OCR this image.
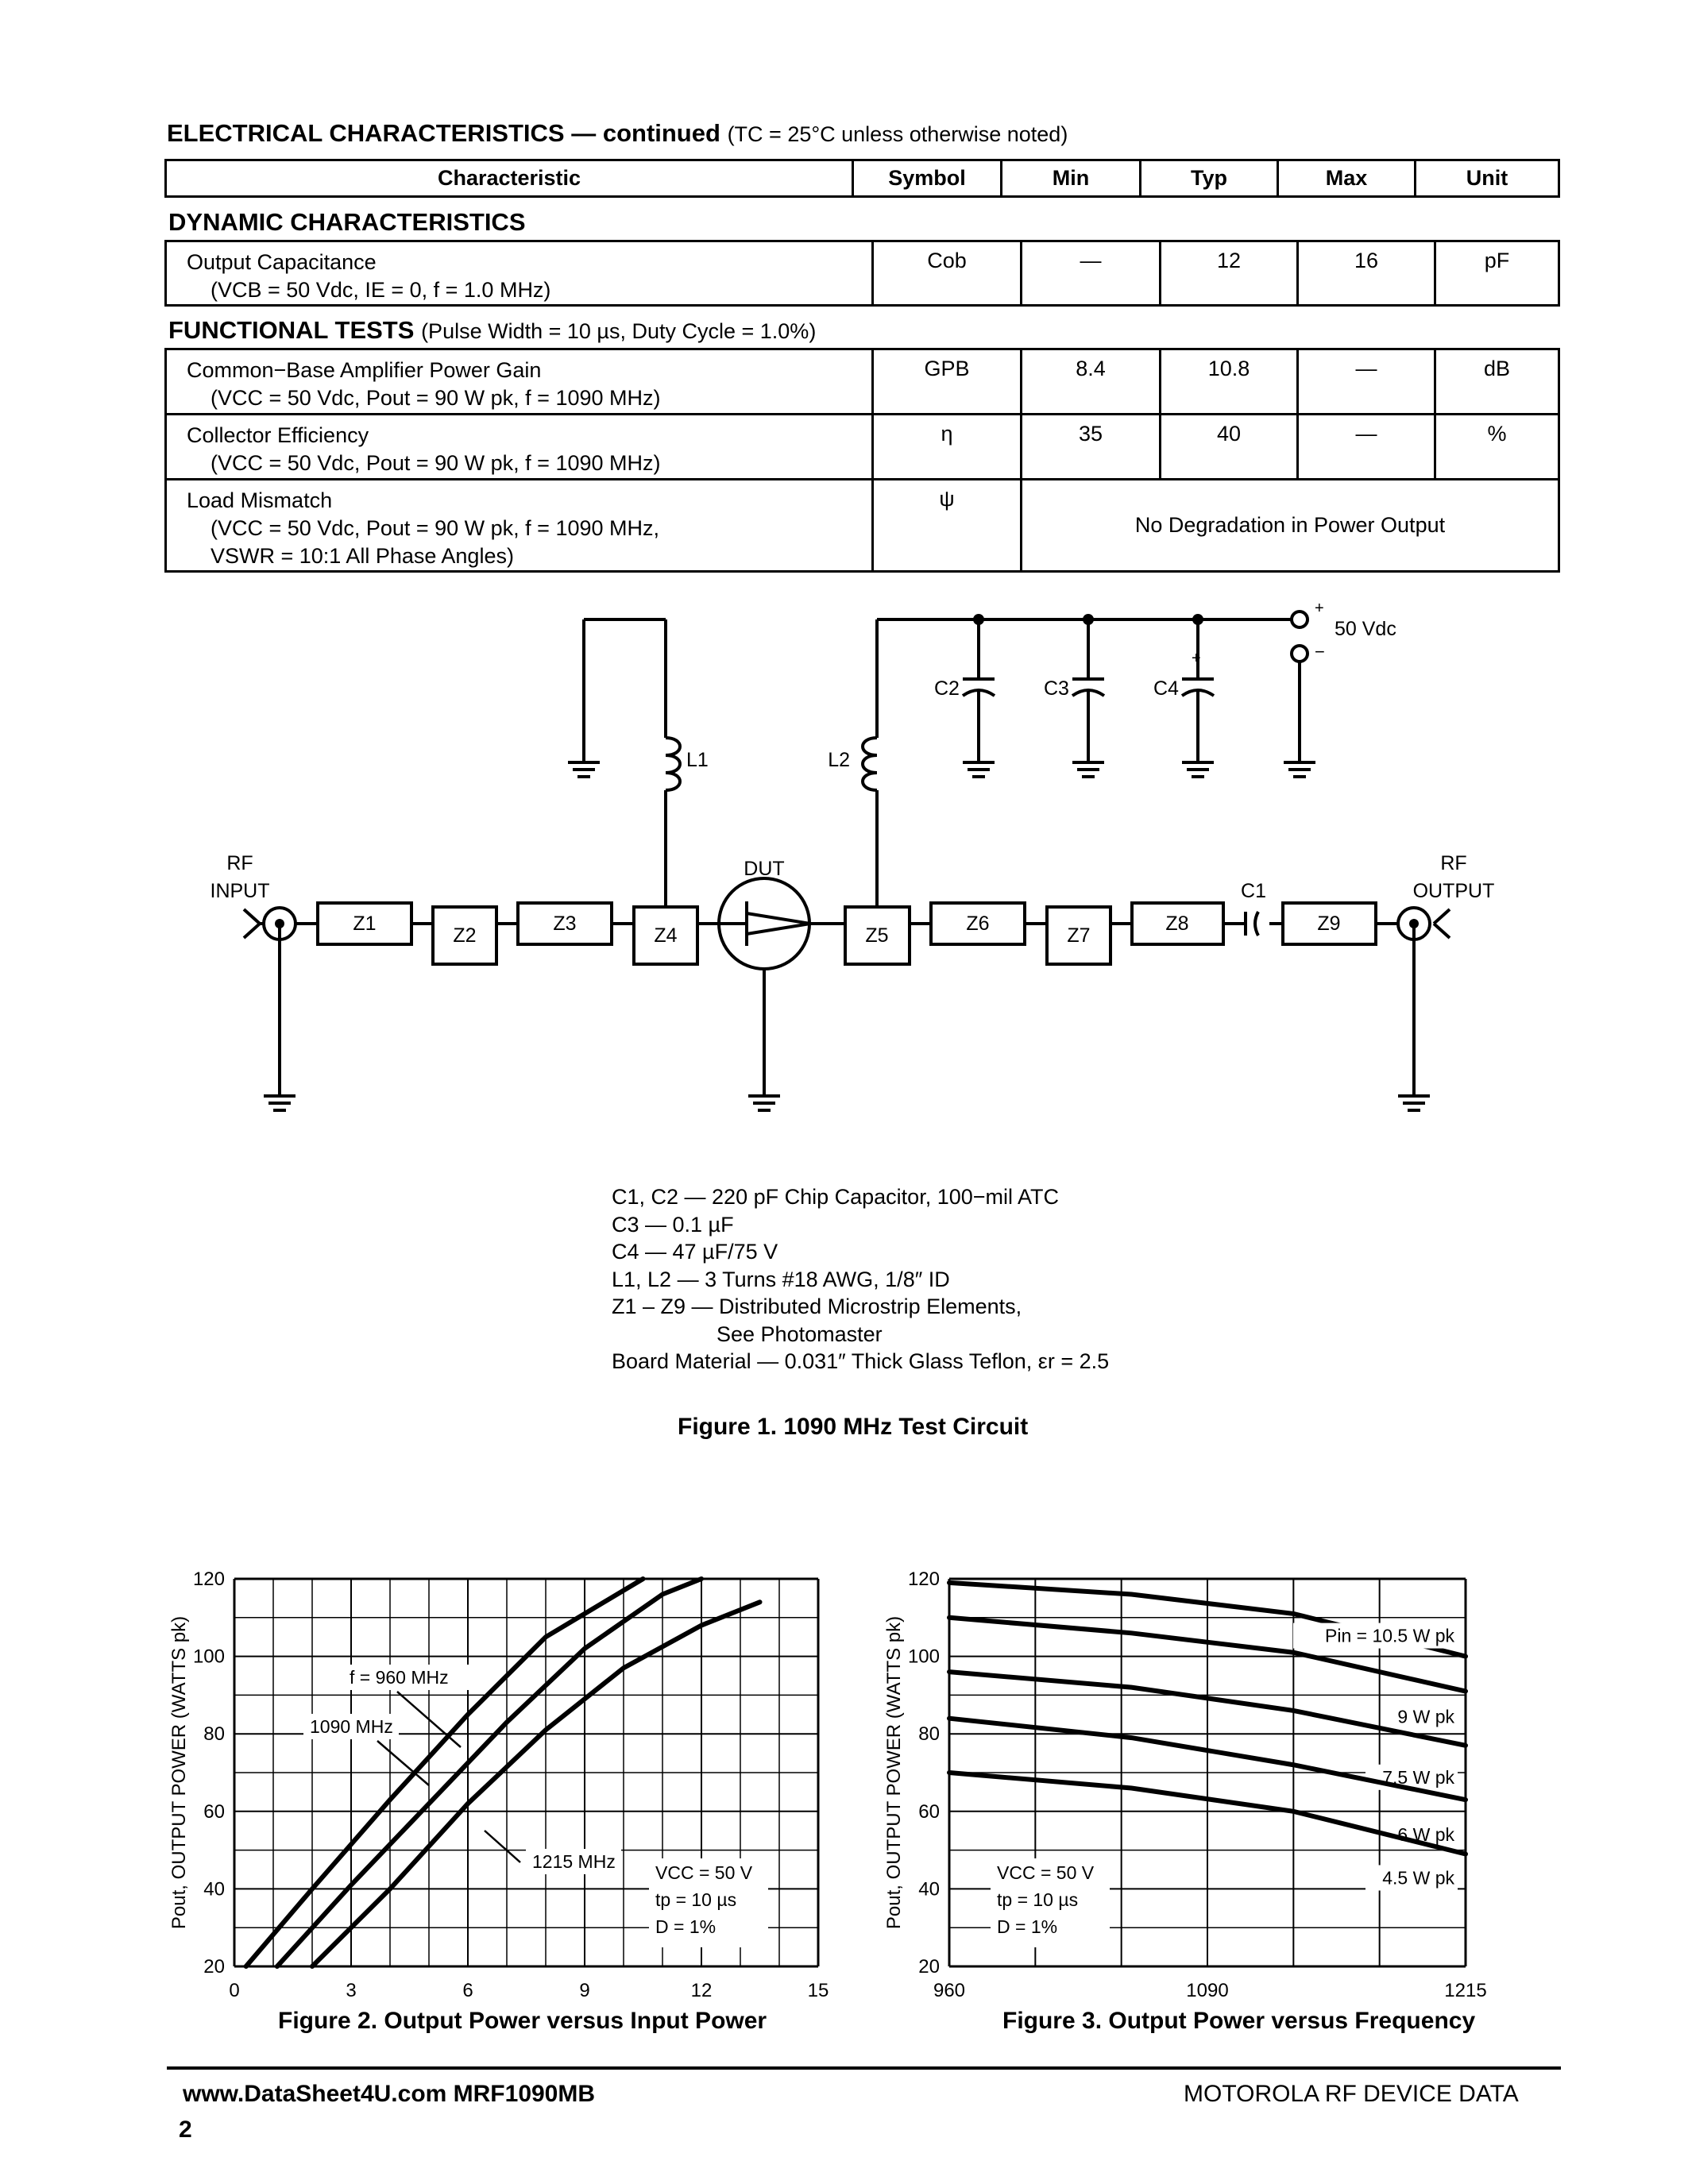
ELECTRICAL CHARACTERISTICS — continued (TC = 25°C unless otherwise noted)
Characteristic	Symbol	Min	Typ	Max	Unit
DYNAMIC CHARACTERISTICS
Output Capacitance
(VCB = 50 Vdc, IE = 0, f = 1.0 MHz)
	Cob	—	12	16	pF
FUNCTIONAL TESTS (Pulse Width = 10 µs, Duty Cycle = 1.0%)
Common−Base Amplifier Power Gain
(VCC = 50 Vdc, Pout = 90 W pk, f = 1090 MHz)	GPB	8.4	10.8	—	dB

Collector Efficiency
(VCC = 50 Vdc, Pout = 90 W pk, f = 1090 MHz)	η	35	40	—	%

Load Mismatch
(VCC = 50 Vdc, Pout = 90 W pk, f = 1090 MHz,
VSWR = 10:1 All Phase Angles)	ψ	No Degradation in Power Output			
Z1
Z2
Z3
Z4	Z5
Z6
Z7
Z8	Z9
C1
C2	C3	C4
L1	L2
DUT
RF
INPUT
RF
OUTPUT
50 Vdc
+
−
+
C1, C2 — 220 pF Chip Capacitor, 100−mil ATC
C3 — 0.1 µF
C4 — 47 µF/75 V
L1, L2 — 3 Turns #18 AWG, 1/8″ ID
Z1 – Z9 — Distributed Microstrip Elements,
See Photomaster
Board Material — 0.031″ Thick Glass Teflon, εr = 2.5
Figure 1. 1090 MHz Test Circuit
20
40
60
80
100
120
0	3	6	9	12	15
Pout, OUTPUT POWER (WATTS pk)	f = 960 MHz
1090 MHz
1215 MHz
VCC = 50 V
tp = 10 µs
D = 1%
20
40
60
80
100
120
960	1090	1215
Pout, OUTPUT POWER (WATTS pk)	Pin = 10.5 W pk
9 W pk
7.5 W pk
6 W pk
4.5 W pk
VCC = 50 V
tp = 10 µs
D = 1%
Figure 2. Output Power versus Input Power	Figure 3. Output Power versus Frequency
www.DataSheet4U.com MRF1090MB	MOTOROLA RF DEVICE DATA
2
